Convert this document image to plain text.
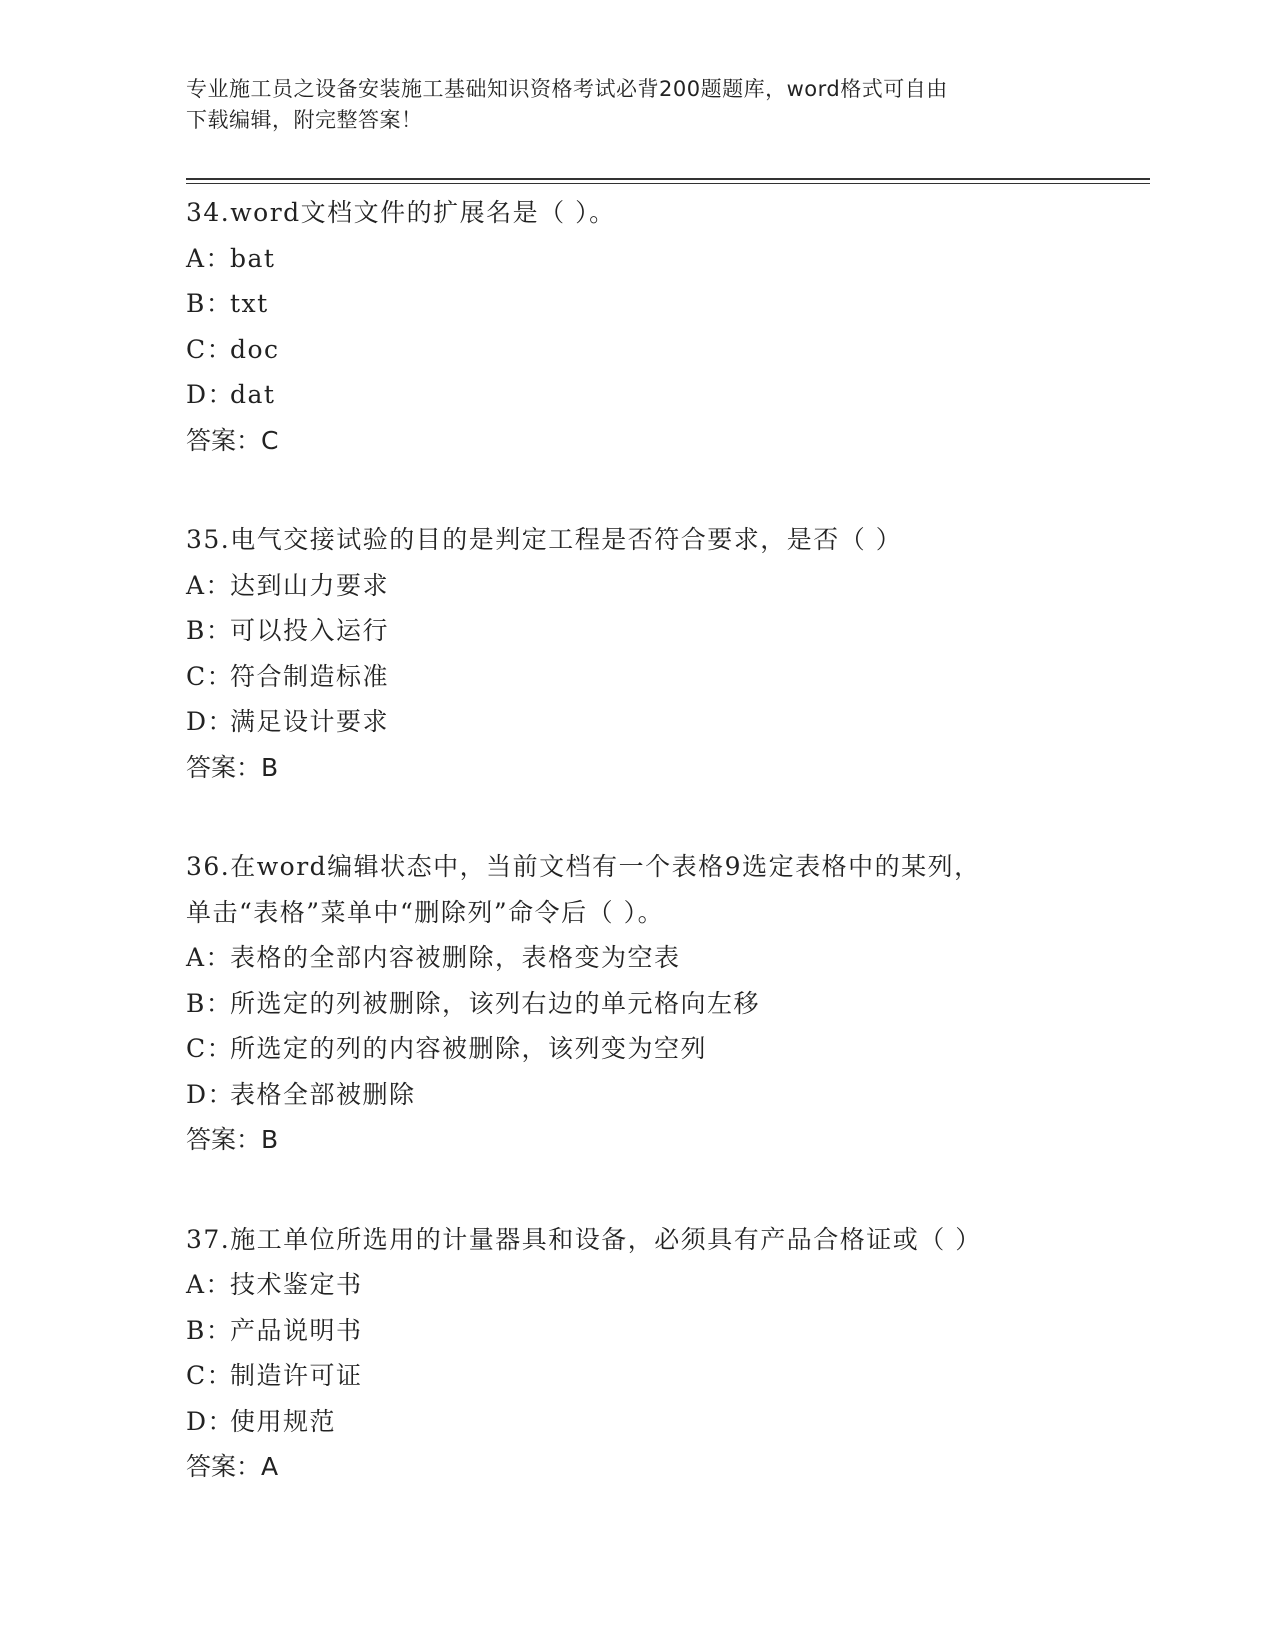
专业施工员之设备安装施工基础知识资格考试必背200题题库，word格式可自由
下载编辑，附完整答案！
34.word文档文件的扩展名是（ ）。
A：bat
B：txt
C：doc
D：dat
答案：C
35.电气交接试验的目的是判定工程是否符合要求，是否（ ）
A：达到山力要求
B：可以投入运行
C：符合制造标准
D：满足设计要求
答案：B
36.在word编辑状态中，当前文档有一个表格9选定表格中的某列，
单击“表格”菜单中“删除列”命令后（ ）。
A：表格的全部内容被删除，表格变为空表
B：所选定的列被删除，该列右边的单元格向左移
C：所选定的列的内容被删除，该列变为空列
D：表格全部被删除
答案：B
37.施工单位所选用的计量器具和设备，必须具有产品合格证或（ ）
A：技术鉴定书
B：产品说明书
C：制造许可证
D：使用规范
答案：A
